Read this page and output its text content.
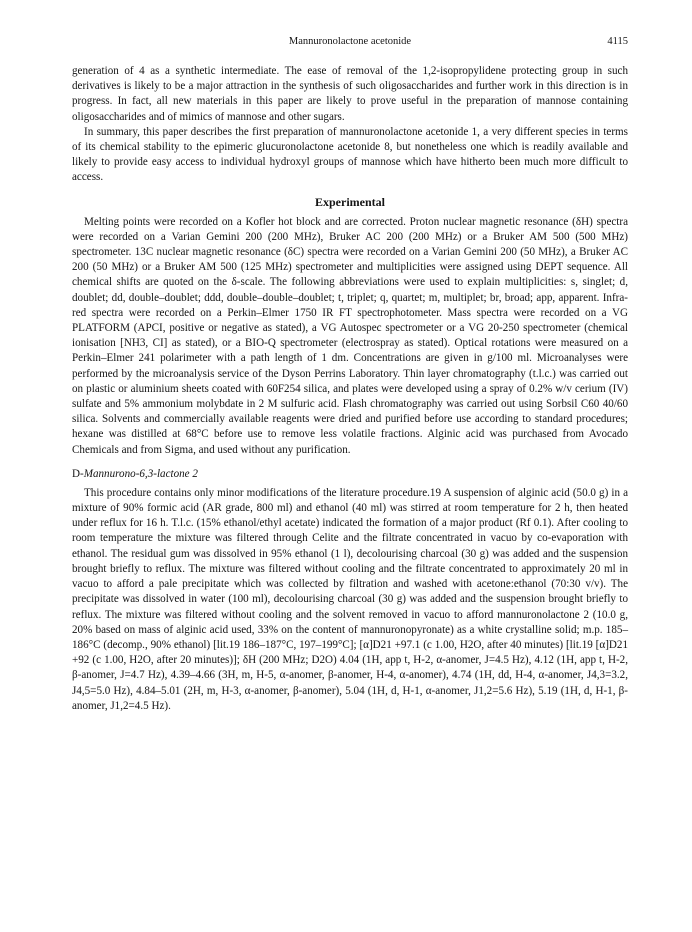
Mannuronolactone acetonide	4115

generation of 4 as a synthetic intermediate. The ease of removal of the 1,2-isopropylidene protecting group in such derivatives is likely to be a major attraction in the synthesis of such oligosaccharides and further work in this direction is in progress. In fact, all new materials in this paper are likely to prove useful in the preparation of mannose containing oligosaccharides and of mimics of mannose and other sugars.

In summary, this paper describes the first preparation of mannuronolactone acetonide 1, a very different species in terms of its chemical stability to the epimeric glucuronolactone acetonide 8, but nonetheless one which is readily available and likely to provide easy access to individual hydroxyl groups of mannose which have hitherto been much more difficult to access.

Experimental

Melting points were recorded on a Kofler hot block and are corrected. Proton nuclear magnetic resonance (δH) spectra were recorded on a Varian Gemini 200 (200 MHz), Bruker AC 200 (200 MHz) or a Bruker AM 500 (500 MHz) spectrometer. 13C nuclear magnetic resonance (δC) spectra were recorded on a Varian Gemini 200 (50 MHz), a Bruker AC 200 (50 MHz) or a Bruker AM 500 (125 MHz) spectrometer and multiplicities were assigned using DEPT sequence. All chemical shifts are quoted on the δ-scale. The following abbreviations were used to explain multiplicities: s, singlet; d, doublet; dd, double–doublet; ddd, double–double–doublet; t, triplet; q, quartet; m, multiplet; br, broad; app, apparent. Infra-red spectra were recorded on a Perkin–Elmer 1750 IR FT spectrophotometer. Mass spectra were recorded on a VG PLATFORM (APCI, positive or negative as stated), a VG Autospec spectrometer or a VG 20-250 spectrometer (chemical ionisation [NH3, CI] as stated), or a BIO-Q spectrometer (electrospray as stated). Optical rotations were measured on a Perkin–Elmer 241 polarimeter with a path length of 1 dm. Concentrations are given in g/100 ml. Microanalyses were performed by the microanalysis service of the Dyson Perrins Laboratory. Thin layer chromatography (t.l.c.) was carried out on plastic or aluminium sheets coated with 60F254 silica, and plates were developed using a spray of 0.2% w/v cerium (IV) sulfate and 5% ammonium molybdate in 2 M sulfuric acid. Flash chromatography was carried out using Sorbsil C60 40/60 silica. Solvents and commercially available reagents were dried and purified before use according to standard procedures; hexane was distilled at 68°C before use to remove less volatile fractions. Alginic acid was purchased from Avocado Chemicals and from Sigma, and used without any purification.

D-Mannurono-6,3-lactone 2

This procedure contains only minor modifications of the literature procedure.19 A suspension of alginic acid (50.0 g) in a mixture of 90% formic acid (AR grade, 800 ml) and ethanol (40 ml) was stirred at room temperature for 2 h, then heated under reflux for 16 h. T.l.c. (15% ethanol/ethyl acetate) indicated the formation of a major product (Rf 0.1). After cooling to room temperature the mixture was filtered through Celite and the filtrate concentrated in vacuo by co-evaporation with ethanol. The residual gum was dissolved in 95% ethanol (1 l), decolourising charcoal (30 g) was added and the suspension brought briefly to reflux. The mixture was filtered without cooling and the filtrate concentrated to approximately 20 ml in vacuo to afford a pale precipitate which was collected by filtration and washed with acetone:ethanol (70:30 v/v). The precipitate was dissolved in water (100 ml), decolourising charcoal (30 g) was added and the suspension brought briefly to reflux. The mixture was filtered without cooling and the solvent removed in vacuo to afford mannuronolactone 2 (10.0 g, 20% based on mass of alginic acid used, 33% on the content of mannuronopyronate) as a white crystalline solid; m.p. 185–186°C (decomp., 90% ethanol) [lit.19 186–187°C, 197–199°C]; [α]D21 +97.1 (c 1.00, H2O, after 40 minutes) [lit.19 [α]D21 +92 (c 1.00, H2O, after 20 minutes)]; δH (200 MHz; D2O) 4.04 (1H, app t, H-2, α-anomer, J=4.5 Hz), 4.12 (1H, app t, H-2, β-anomer, J=4.7 Hz), 4.39–4.66 (3H, m, H-5, α-anomer, β-anomer, H-4, α-anomer), 4.74 (1H, dd, H-4, α-anomer, J4,3=3.2, J4,5=5.0 Hz), 4.84–5.01 (2H, m, H-3, α-anomer, β-anomer), 5.04 (1H, d, H-1, α-anomer, J1,2=5.6 Hz), 5.19 (1H, d, H-1, β-anomer, J1,2=4.5 Hz).
